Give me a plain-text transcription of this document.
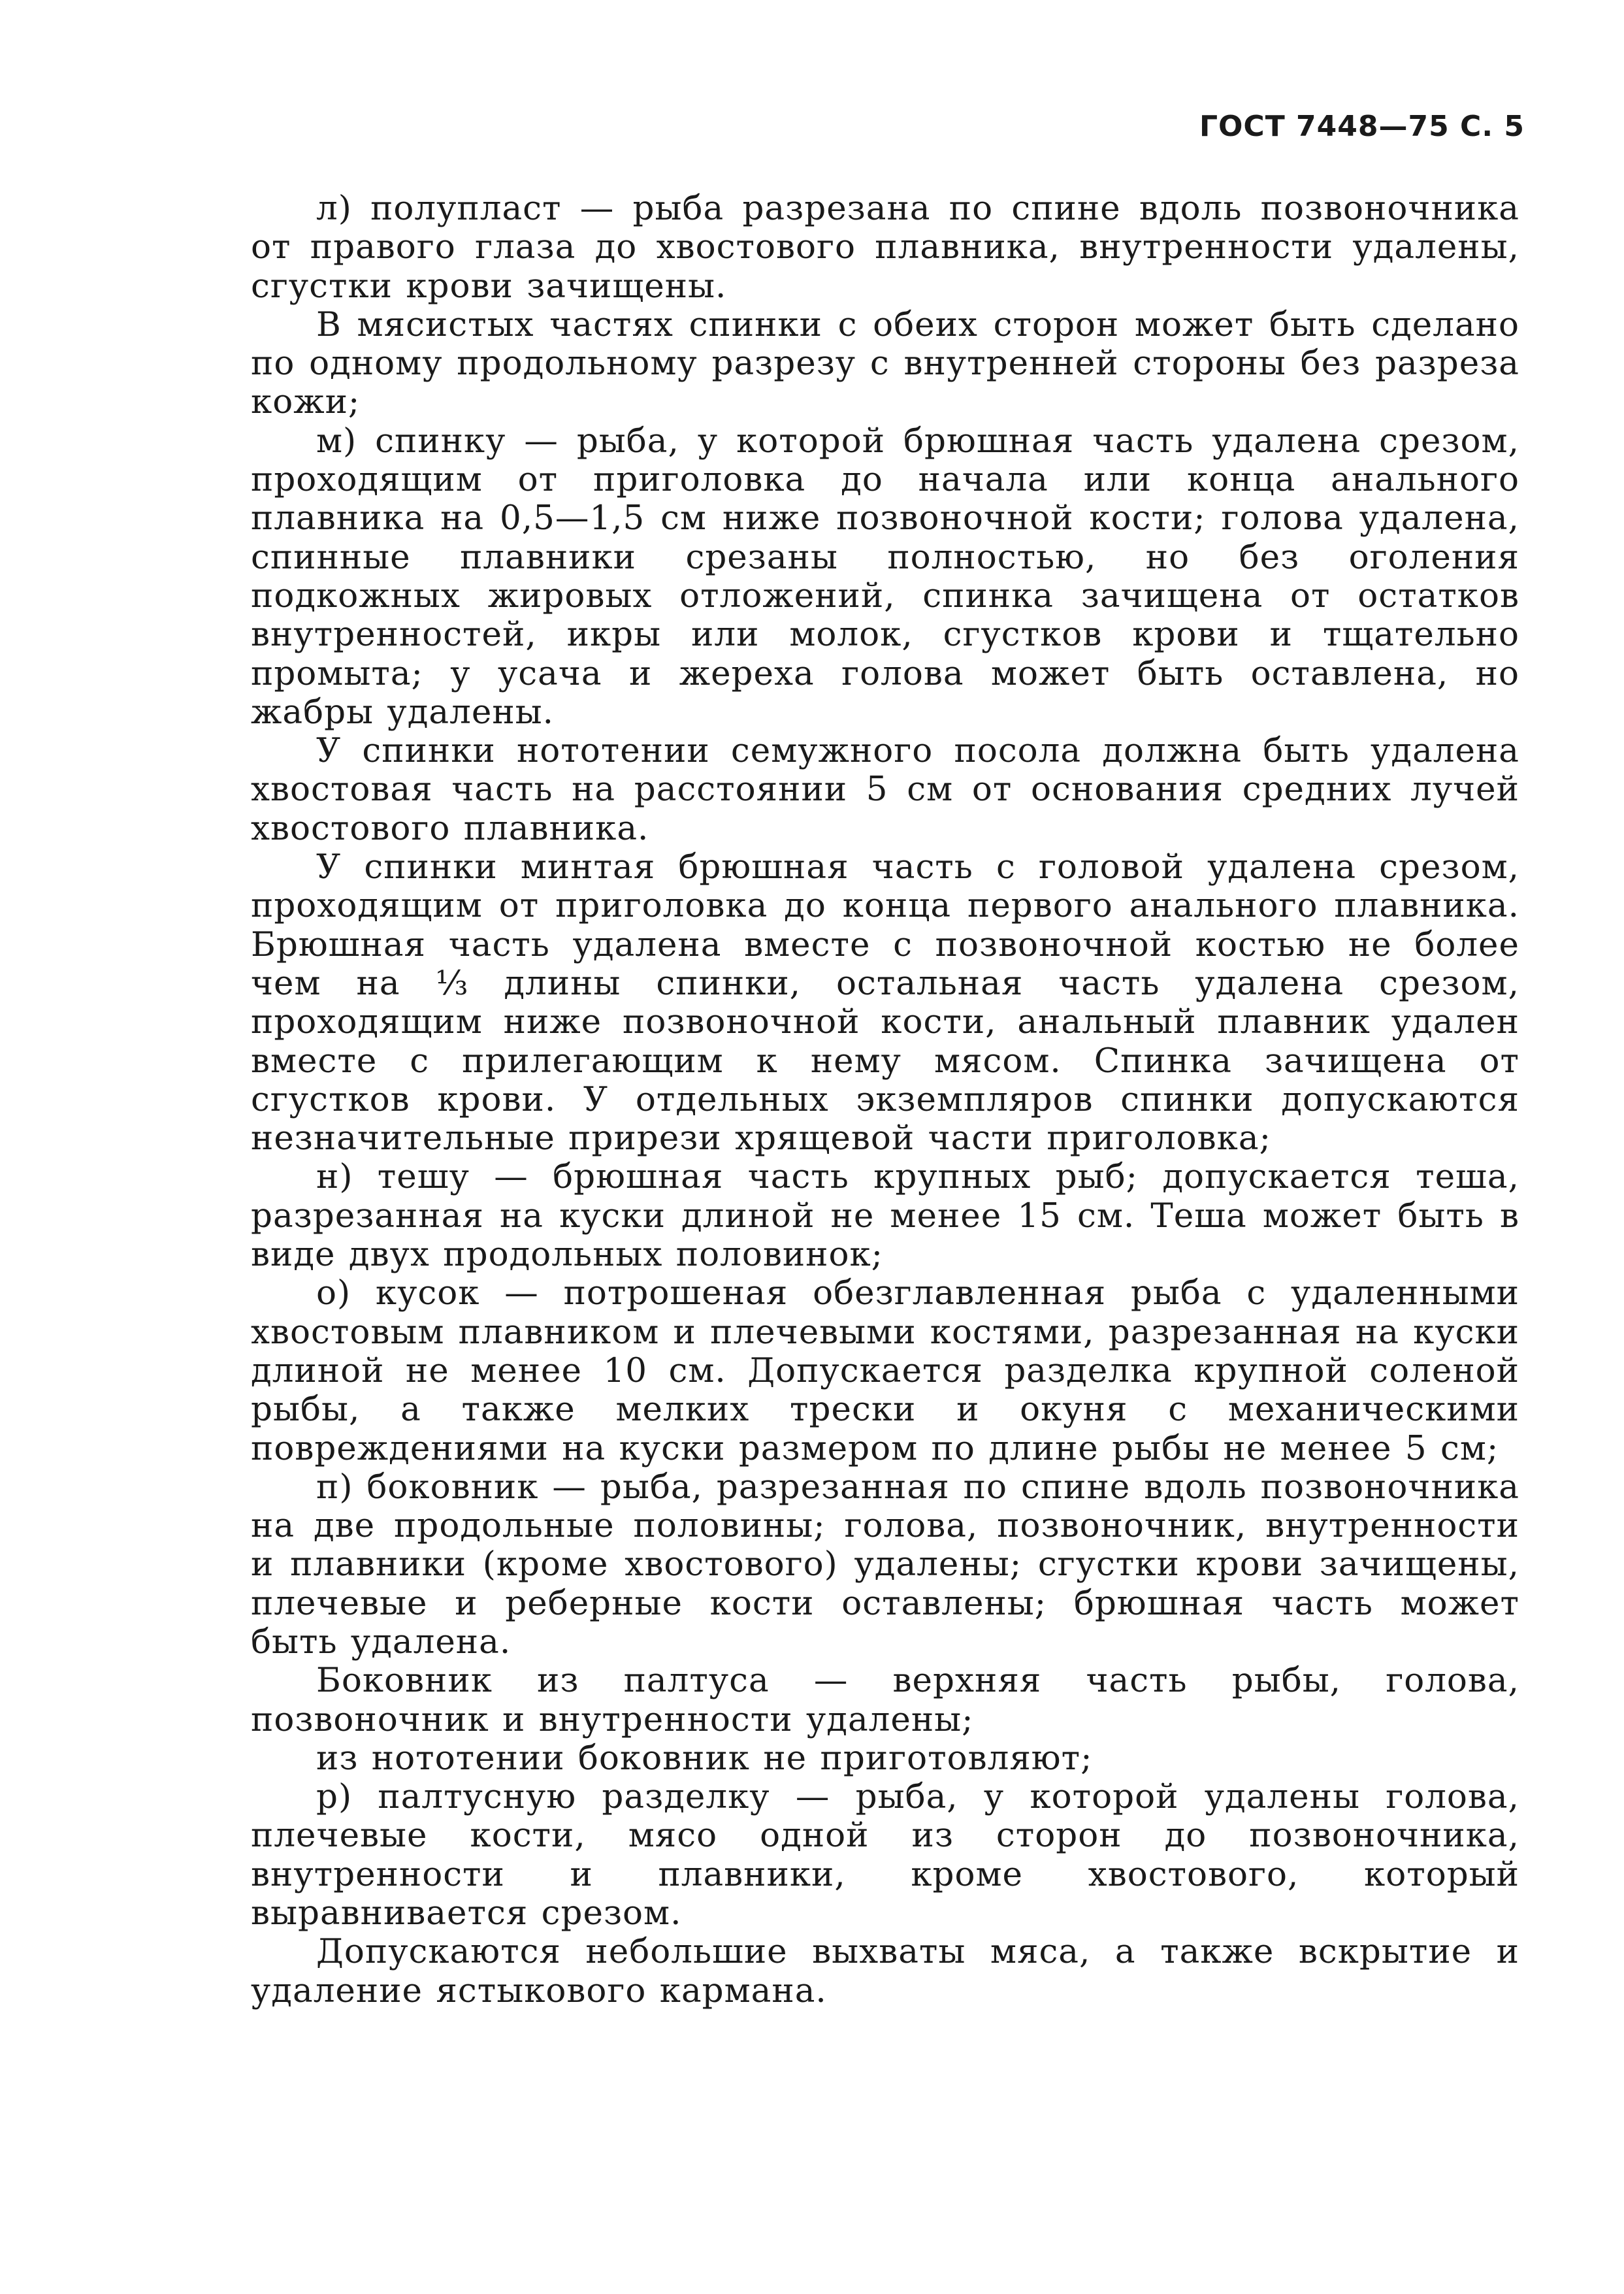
ГОСТ 7448—75 С. 5

л) полупласт — рыба разрезана по спине вдоль позвоночника от правого глаза до хвостового плавника, внутренности удалены, сгустки крови зачищены.

В мясистых частях спинки с обеих сторон может быть сделано по одному продольному разрезу с внутренней стороны без разреза кожи;

м) спинку — рыба, у которой брюшная часть удалена срезом, проходящим от приголовка до начала или конца анального плавника на 0,5—1,5 см ниже позвоночной кости; голова удалена, спинные плавники срезаны полностью, но без оголения подкожных жировых отложений, спинка зачищена от остатков внутренностей, икры или молок, сгустков крови и тщательно промыта; у усача и жереха голова может быть оставлена, но жабры удалены.

У спинки нототении семужного посола должна быть удалена хвостовая часть на расстоянии 5 см от основания средних лучей хвостового плавника.

У спинки минтая брюшная часть с головой удалена срезом, проходящим от приголовка до конца первого анального плавника. Брюшная часть удалена вместе с позвоночной костью не более чем на ⅓ длины спинки, остальная часть удалена срезом, проходящим ниже позвоночной кости, анальный плавник удален вместе с прилегающим к нему мясом. Спинка зачищена от сгустков крови. У отдельных экземпляров спинки допускаются незначительные прирези хрящевой части приголовка;

н) тешу — брюшная часть крупных рыб; допускается теша, разрезанная на куски длиной не менее 15 см. Теша может быть в виде двух продольных половинок;

о) кусок — потрошеная обезглавленная рыба с удаленными хвостовым плавником и плечевыми костями, разрезанная на куски длиной не менее 10 см. Допускается разделка крупной соленой рыбы, а также мелких трески и окуня с механическими повреждениями на куски размером по длине рыбы не менее 5 см;

п) боковник — рыба, разрезанная по спине вдоль позвоночника на две продольные половины; голова, позвоночник, внутренности и плавники (кроме хвостового) удалены; сгустки крови зачищены, плечевые и реберные кости оставлены; брюшная часть может быть удалена.

Боковник из палтуса — верхняя часть рыбы, голова, позвоночник и внутренности удалены;

из нототении боковник не приготовляют;

р) палтусную разделку — рыба, у которой удалены голова, плечевые кости, мясо одной из сторон до позвоночника, внутренности и плавники, кроме хвостового, который выравнивается срезом.

Допускаются небольшие выхваты мяса, а также вскрытие и удаление ястыкового кармана.
